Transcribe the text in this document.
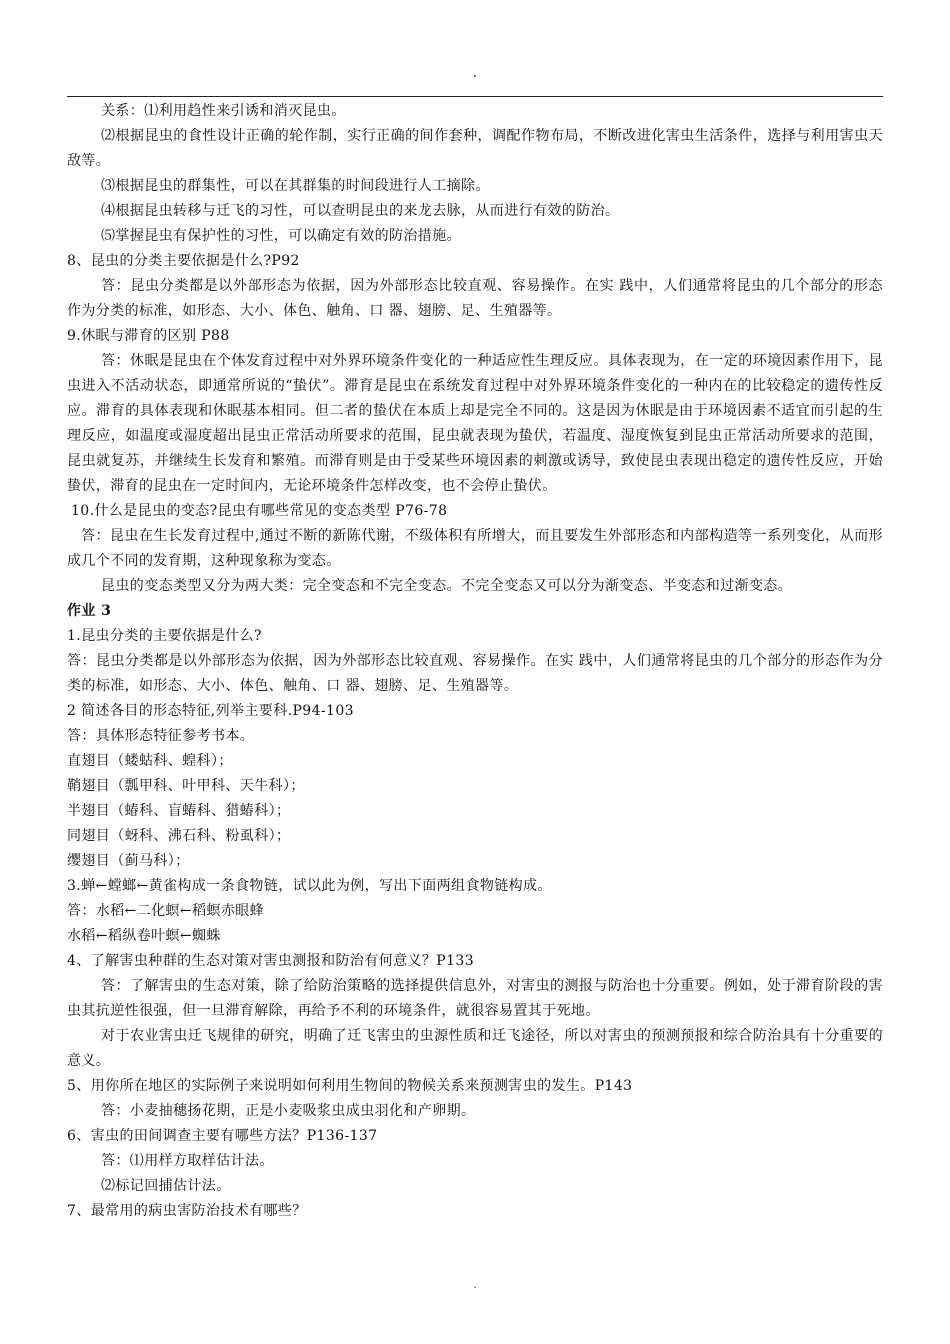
.

关系：⑴利用趋性来引诱和消灭昆虫。

⑵根据昆虫的食性设计正确的轮作制，实行正确的间作套种，调配作物布局，不断改进化害虫生活条件，选择与利用害虫天敌等。

⑶根据昆虫的群集性，可以在其群集的时间段进行人工摘除。

⑷根据昆虫转移与迁飞的习性，可以查明昆虫的来龙去脉，从而进行有效的防治。

⑸掌握昆虫有保护性的习性，可以确定有效的防治措施。

8、昆虫的分类主要依据是什么?P92

答：昆虫分类都是以外部形态为依据，因为外部形态比较直观、容易操作。在实 践中，人们通常将昆虫的几个部分的形态作为分类的标准，如形态、大小、体色、触角、口 器、翅膀、足、生殖器等。

9.休眠与滞育的区别 P88

答：休眠是昆虫在个体发育过程中对外界环境条件变化的一种适应性生理反应。具体表现为，在一定的环境因素作用下，昆虫进入不活动状态，即通常所说的“蛰伏”。滞育是昆虫在系统发育过程中对外界环境条件变化的一种内在的比较稳定的遗传性反应。滞育的具体表现和休眠基本相同。但二者的蛰伏在本质上却是完全不同的。这是因为休眠是由于环境因素不适宜而引起的生理反应，如温度或湿度超出昆虫正常活动所要求的范围，昆虫就表现为蛰伏，若温度、湿度恢复到昆虫正常活动所要求的范围，昆虫就复苏，并继续生长发育和繁殖。而滞育则是由于受某些环境因素的刺激或诱导，致使昆虫表现出稳定的遗传性反应，开始蛰伏，滞育的昆虫在一定时间内，无论环境条件怎样改变，也不会停止蛰伏。

10.什么是昆虫的变态?昆虫有哪些常见的变态类型 P76-78

答：昆虫在生长发育过程中,通过不断的新陈代谢，不级体积有所增大，而且要发生外部形态和内部构造等一系列变化，从而形成几个不同的发育期，这种现象称为变态。

昆虫的变态类型又分为两大类：完全变态和不完全变态。不完全变态又可以分为渐变态、半变态和过渐变态。

作业 3

1.昆虫分类的主要依据是什么?

答：昆虫分类都是以外部形态为依据，因为外部形态比较直观、容易操作。在实 践中，人们通常将昆虫的几个部分的形态作为分类的标准，如形态、大小、体色、触角、口 器、翅膀、足、生殖器等。

2 简述各目的形态特征,列举主要科.P94-103

答：具体形态特征参考书本。

直翅目（蝼蛄科、蝗科）；

鞘翅目（瓢甲科、叶甲科、天牛科）；

半翅目（蝽科、盲蝽科、猎蝽科）；

同翅目（蚜科、沸石科、粉虱科）；

缨翅目（蓟马科）；

3.蝉←螳螂←黄雀构成一条食物链，试以此为例，写出下面两组食物链构成。

答：水稻←二化螟←稻螟赤眼蜂

水稻←稻纵卷叶螟←蜘蛛

4、了解害虫种群的生态对策对害虫测报和防治有何意义？P133

答：了解害虫的生态对策，除了给防治策略的选择提供信息外，对害虫的测报与防治也十分重要。例如，处于滞育阶段的害虫其抗逆性很强，但一旦滞育解除，再给予不利的环境条件，就很容易置其于死地。

对于农业害虫迁飞规律的研究，明确了迁飞害虫的虫源性质和迁飞途径，所以对害虫的预测预报和综合防治具有十分重要的意义。

5、用你所在地区的实际例子来说明如何利用生物间的物候关系来预测害虫的发生。P143

答：小麦抽穗扬花期，正是小麦吸浆虫成虫羽化和产卵期。

6、害虫的田间调查主要有哪些方法？P136-137

答：⑴用样方取样估计法。

⑵标记回捕估计法。

7、最常用的病虫害防治技术有哪些？

.
